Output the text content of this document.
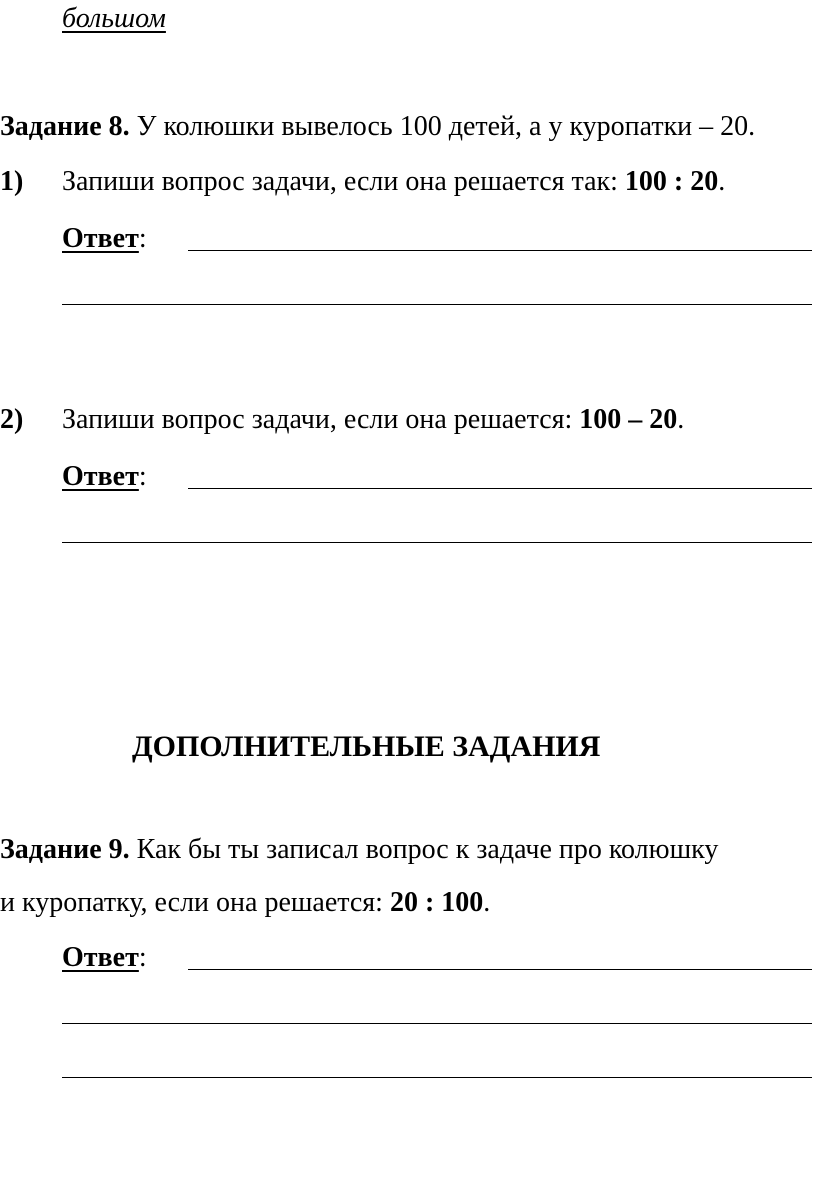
большом
Задание 8. У колюшки вывелось 100 детей, а у куропатки – 20.
1) Запиши вопрос задачи, если она решается так: 100 : 20.
Ответ:
2) Запиши вопрос задачи, если она решается: 100 – 20.
Ответ:
ДОПОЛНИТЕЛЬНЫЕ ЗАДАНИЯ
Задание 9. Как бы ты записал вопрос к задаче про колюшку
и куропатку, если она решается: 20 : 100.
Ответ:
